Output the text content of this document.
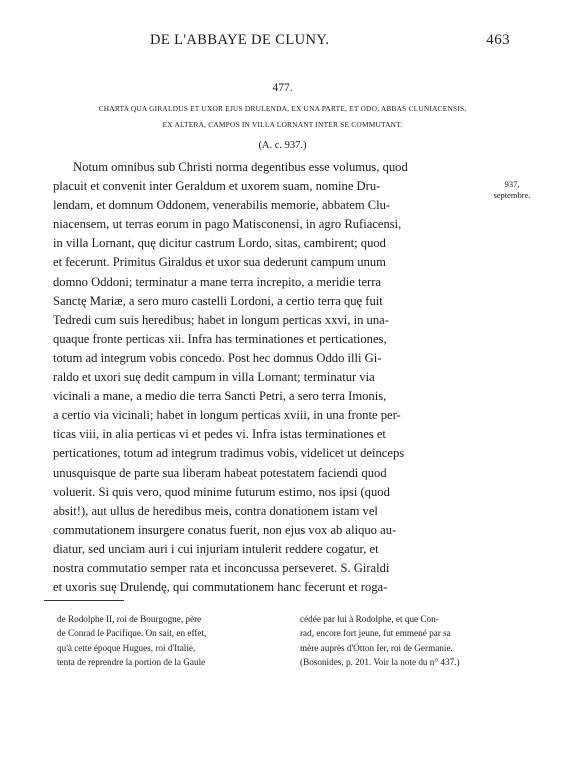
DE L'ABBAYE DE CLUNY.	463
477.
CHARTA QUA GIRALDUS ET UXOR EJUS DRULENDA, EX UNA PARTE, ET ODO, ABBAS CLUNIACENSIS,
EX ALTERA, CAMPOS IN VILLA LORNANT INTER SE COMMUTANT.
(A. c. 937.)
937,
septembre.
Notum omnibus sub Christi norma degentibus esse volumus, quod
placuit et convenit inter Geraldum et uxorem suam, nomine Dru-
lendam, et domnum Oddonem, venerabilis memorie, abbatem Clu-
niacensem, ut terras eorum in pago Matisconensi, in agro Rufiacensi,
in villa Lornant, quę dicitur castrum Lordo, sitas, cambirent; quod
et fecerunt. Primitus Giraldus et uxor sua dederunt campum unum
domno Oddoni; terminatur a mane terra increpito, a meridie terra
Sanctę Mariæ, a sero muro castelli Lordoni, a certio terra quę fuit
Tedredi cum suis heredibus; habet in longum perticas xxvi, in una-
quaque fronte perticas xii. Infra has terminationes et perticationes,
totum ad integrum vobis concedo. Post hec domnus Oddo illi Gi-
raldo et uxori suę dedit campum in villa Lornant; terminatur via
vicinali a mane, a medio die terra Sancti Petri, a sero terra Imonis,
a certio via vicinali; habet in longum perticas xviii, in una fronte per-
ticas viii, in alia perticas vi et pedes vi. Infra istas terminationes et
perticationes, totum ad integrum tradimus vobis, videlicet ut deinceps
unusquisque de parte sua liberam habeat potestatem faciendi quod
voluerit. Si quis vero, quod minime futurum estimo, nos ipsi (quod
absit!), aut ullus de heredibus meis, contra donationem istam vel
commutationem insurgere conatus fuerit, non ejus vox ab aliquo au-
diatur, sed unciam auri i cui injuriam intulerit reddere cogatur, et
nostra commutatio semper rata et inconcussa perseveret. S. Giraldi
et uxoris suę Drulendę, qui commutationem hanc fecerunt et roga-
de Rodolphe II, roi de Bourgogne, père
de Conrad le Pacifique. On sait, en effet,
qu'à cette époque Hugues, roi d'Italie,
tenta de reprendre la portion de la Gaule
cédée par lui à Rodolphe, et que Con-
rad, encore fort jeune, fut emmené par sa
mère auprès d'Otton Ier, roi de Germanie.
(Bosonides, p. 201. Voir la note du n° 437.)
